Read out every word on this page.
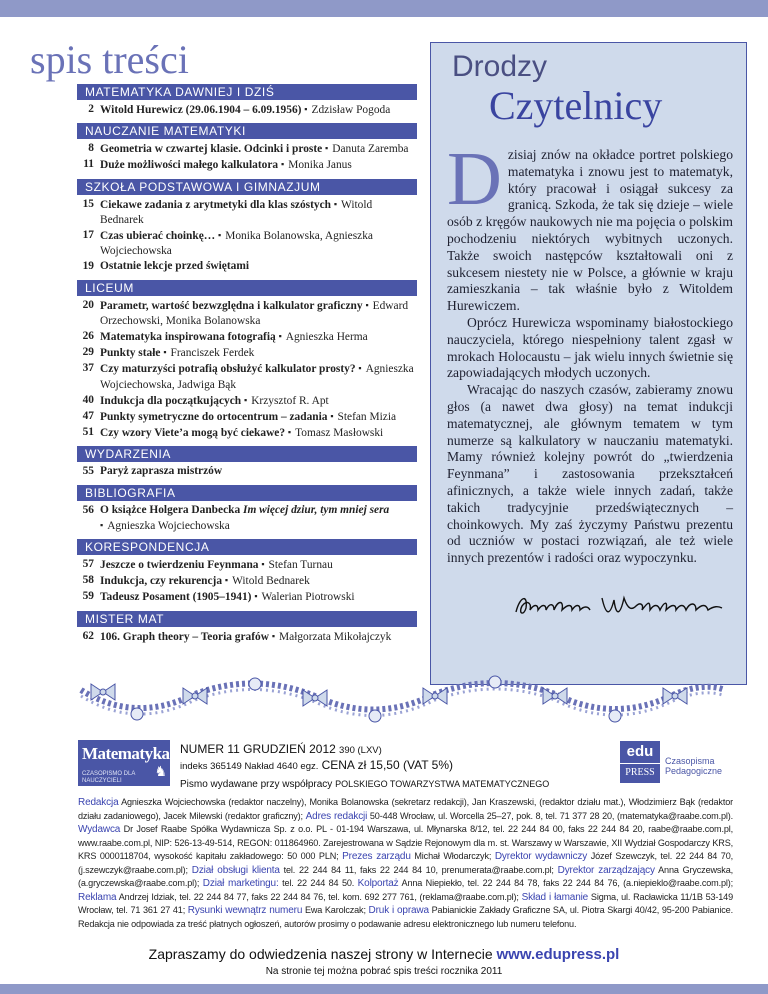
spis treści
MATEMATYKA DAWNIEJ I DZIŚ
2 Witold Hurewicz (29.06.1904 – 6.09.1956) ▪ Zdzisław Pogoda
NAUCZANIE MATEMATYKI
8 Geometria w czwartej klasie. Odcinki i proste ▪ Danuta Zaremba
11 Duże możliwości małego kalkulatora ▪ Monika Janus
SZKOŁA PODSTAWOWA I GIMNAZJUM
15 Ciekawe zadania z arytmetyki dla klas szóstych ▪ Witold Bednarek
17 Czas ubierać choinkę… ▪ Monika Bolanowska, Agnieszka Wojciechowska
19 Ostatnie lekcje przed świętami
LICEUM
20 Parametr, wartość bezwzględna i kalkulator graficzny ▪ Edward Orzechowski, Monika Bolanowska
26 Matematyka inspirowana fotografią ▪ Agnieszka Herma
29 Punkty stałe ▪ Franciszek Ferdek
37 Czy maturzyści potrafią obsłużyć kalkulator prosty? ▪ Agnieszka Wojciechowska, Jadwiga Bąk
40 Indukcja dla początkujących ▪ Krzysztof R. Apt
47 Punkty symetryczne do ortocentrum – zadania ▪ Stefan Mizia
51 Czy wzory Viete’a mogą być ciekawe? ▪ Tomasz Masłowski
WYDARZENIA
55 Paryż zaprasza mistrzów
BIBLIOGRAFIA
56 O książce Holgera Danbecka Im więcej dziur, tym mniej sera ▪ Agnieszka Wojciechowska
KORESPONDENCJA
57 Jeszcze o twierdzeniu Feynmana ▪ Stefan Turnau
58 Indukcja, czy rekurencja ▪ Witold Bednarek
59 Tadeusz Posament (1905–1941) ▪ Walerian Piotrowski
MISTER MAT
62 106. Graph theory – Teoria grafów ▪ Małgorzata Mikołajczyk
Drodzy
Czytelnicy

Dzisiaj znów na okładce portret polskiego matematyka i znowu jest to matematyk, który pracował i osiągał sukcesy za granicą. Szkoda, że tak się dzieje – wiele osób z kręgów naukowych nie ma pojęcia o polskim pochodzeniu niektórych wybitnych uczonych. Także swoich następców kształtowali oni z sukcesem niestety nie w Polsce, a głównie w kraju zamieszkania – tak właśnie było z Witoldem Hurewiczem.

Oprócz Hurewicza wspominamy białostockiego nauczyciela, którego niespełniony talent zgasł w mrokach Holocaustu – jak wielu innych świetnie się zapowiadających młodych uczonych.

Wracając do naszych czasów, zabieramy znowu głos (a nawet dwa głosy) na temat indukcji matematycznej, ale głównym tematem w tym numerze są kalkulatory w nauczaniu matematyki. Mamy również kolejny powrót do „twierdzenia Feynmana” i zastosowania przekształceń afinicznych, a także wiele innych zadań, także takich tradycyjnie przedświątecznych – choinkowych. My zaś życzymy Państwu prezentu od uczniów w postaci rozwiązań, ale też wiele innych prezentów i radości oraz wypoczynku.

Matematyka
♞
CZASOPISMO DLA NAUCZYCIELI
NUMER 11 GRUDZIEŃ 2012 390 (LXV)
indeks 365149 Nakład 4640 egz. CENA zł 15,50 (VAT 5%)
Pismo wydawane przy współpracy POLSKIEGO TOWARZYSTWA MATEMATYCZNEGO
edu
PRESS
Czasopisma
Pedagogiczne
Redakcja Agnieszka Wojciechowska (redaktor naczelny), Monika Bolanowska (sekretarz redakcji), Jan Kraszewski, (redaktor działu mat.), Włodzimierz Bąk (redaktor działu zadaniowego), Jacek Milewski (redaktor graficzny); Adres redakcji 50-448 Wrocław, ul. Worcella 25–27, pok. 8, tel. 71 377 28 20, (matematyka@raabe.com.pl). Wydawca Dr Josef Raabe Spółka Wydawnicza Sp. z o.o. PL - 01-194 Warszawa, ul. Młynarska 8/12, tel. 22 244 84 00, faks 22 244 84 20, raabe@raabe.com.pl, www.raabe.com.pl, NIP: 526-13-49-514, REGON: 011864960. Zarejestrowana w Sądzie Rejonowym dla m. st. Warszawy w Warszawie, XII Wydział Gospodarczy KRS, KRS 0000118704, wysokość kapitału zakładowego: 50 000 PLN; Prezes zarządu Michał Włodarczyk; Dyrektor wydawniczy Józef Szewczyk, tel. 22 244 84 70, (j.szewczyk@raabe.com.pl); Dział obsługi klienta tel. 22 244 84 11, faks 22 244 84 10, prenumerata@raabe.com.pl; Dyrektor zarządzający Anna Gryczewska, (a.gryczewska@raabe.com.pl); Dział marketingu: tel. 22 244 84 50. Kolportaż Anna Niepiekło, tel. 22 244 84 78, faks 22 244 84 76, (a.niepieklo@raabe.com.pl); Reklama Andrzej Idziak, tel. 22 244 84 77, faks 22 244 84 76, tel. kom. 692 277 761, (reklama@raabe.com.pl); Skład i łamanie Sigma, ul. Racławicka 11/1B 53-149 Wrocław, tel. 71 361 27 41; Rysunki wewnątrz numeru Ewa Karolczak; Druk i oprawa Pabianickie Zakłady Graficzne SA, ul. Piotra Skargi 40/42, 95-200 Pabianice. Redakcja nie odpowiada za treść płatnych ogłoszeń, autorów prosimy o podawanie adresu elektronicznego lub numeru telefonu.
Zapraszamy do odwiedzenia naszej strony w Internecie www.edupress.pl
Na stronie tej można pobrać spis treści rocznika 2011
